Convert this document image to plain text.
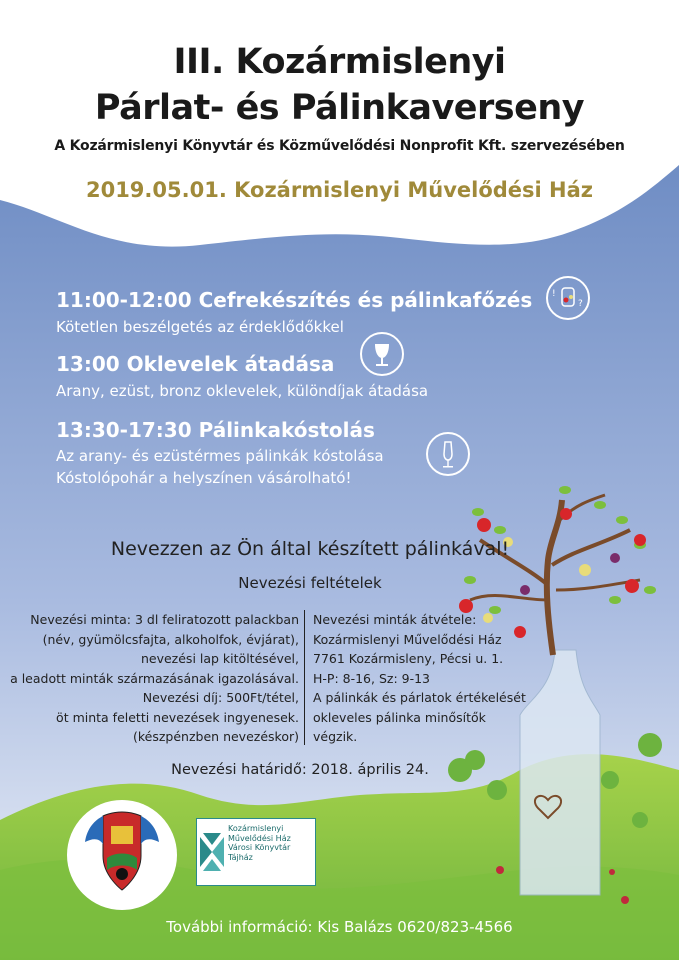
III. Kozármislenyi
Párlat- és Pálinkaverseny
A Kozármislenyi Könyvtár és Közművelődési Nonprofit Kft. szervezésében
2019.05.01. Kozármislenyi Művelődési Ház
11:00-12:00 Cefrekészítés és pálinkafőzés
Kötetlen beszélgetés az érdeklődőkkel
!
?
13:00 Oklevelek átadása
Arany, ezüst, bronz oklevelek, különdíjak átadása
13:30-17:30 Pálinkakóstolás
Az arany- és ezüstérmes pálinkák kóstolása
Kóstolópohár a helyszínen vásárolható!
Nevezzen az Ön által készített pálinkával!
Nevezési feltételek
Nevezési minta: 3 dl feliratozott palackban
(név, gyümölcsfajta, alkoholfok, évjárat),
nevezési lap kitöltésével,
a leadott minták származásának igazolásával.
Nevezési díj: 500Ft/tétel,
öt minta feletti nevezések ingyenesek.
(készpénzben nevezéskor)
Nevezési minták átvétele:
Kozármislenyi Művelődési Ház
7761 Kozármisleny, Pécsi u. 1.
H-P: 8-16, Sz: 9-13
A pálinkák és párlatok értékelését
okleveles pálinka minősítők
végzik.
Nevezési határidő: 2018. április 24.
Kozármislenyi
Művelődési Ház
Városi Könyvtár
Tájház
További információ: Kis Balázs 0620/823-4566
